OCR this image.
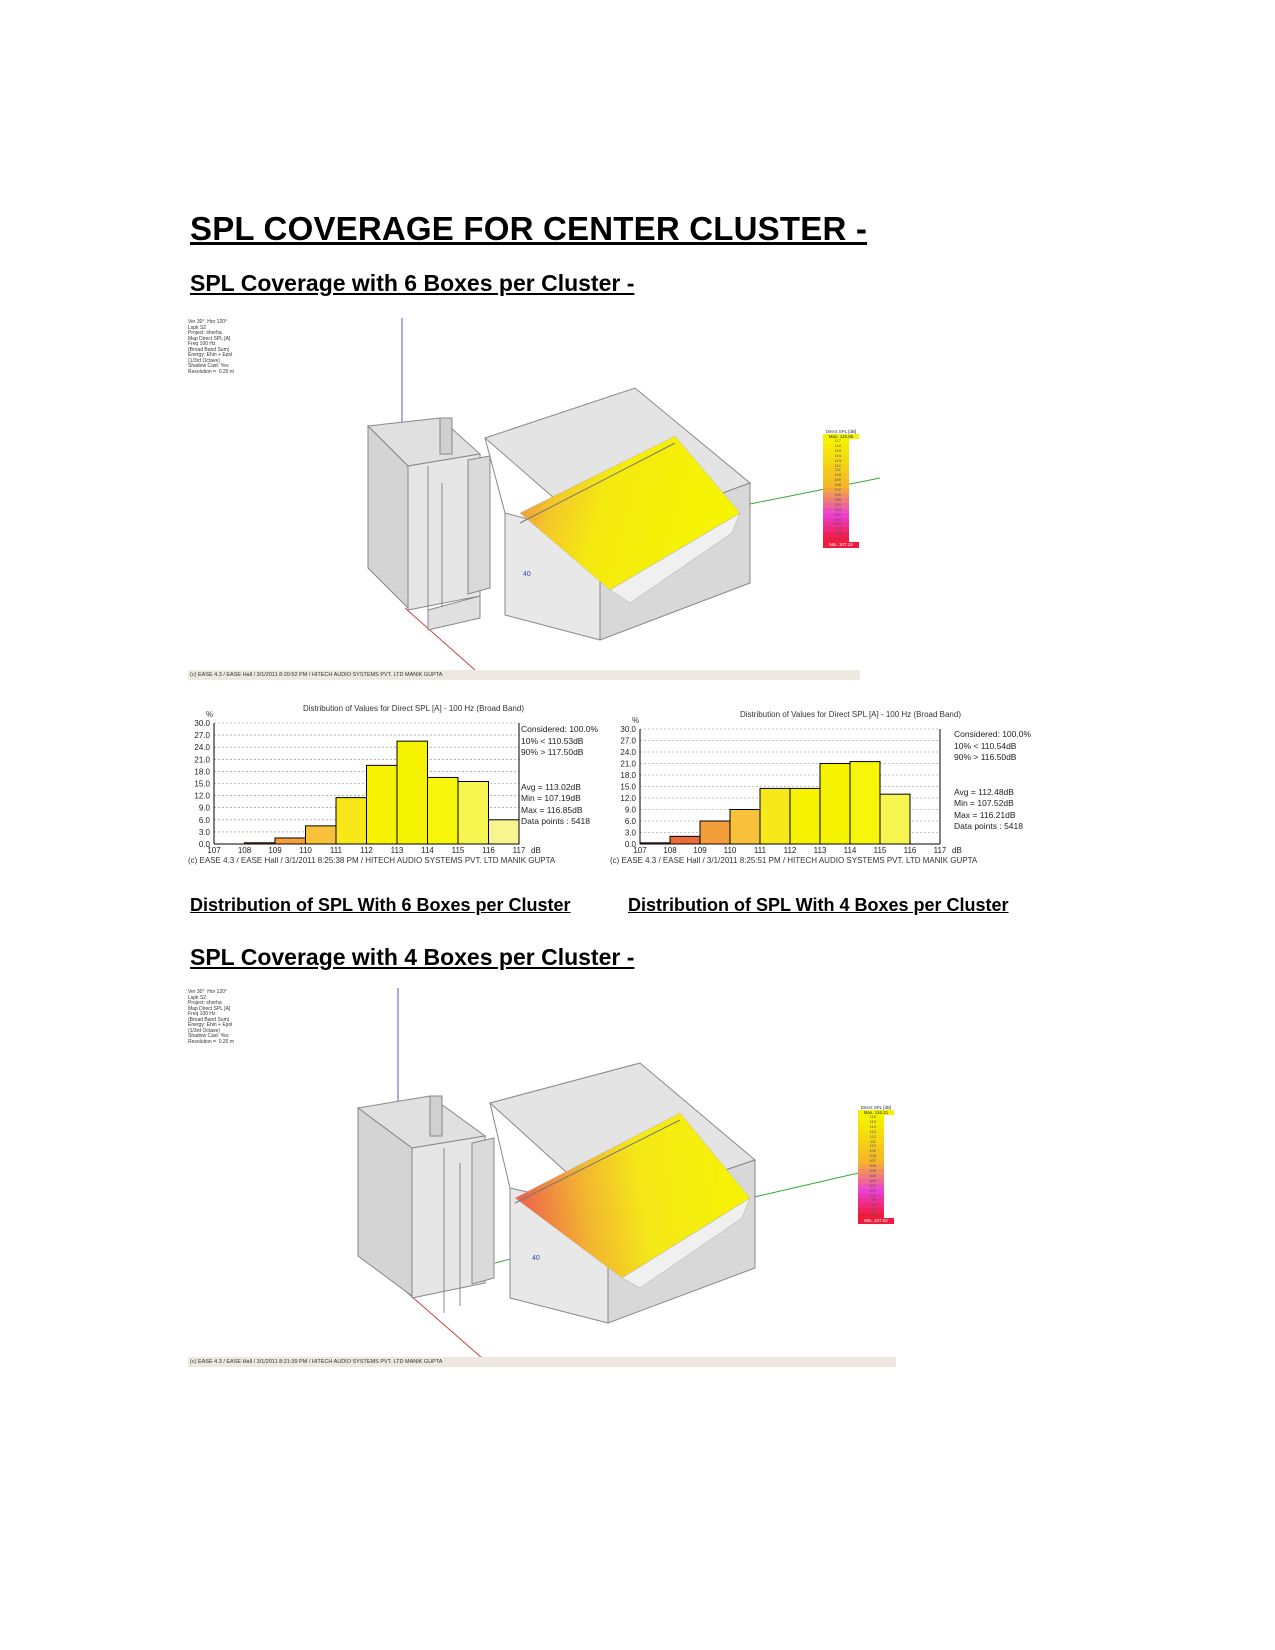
SPL COVERAGE FOR CENTER CLUSTER -
SPL Coverage with 6 Boxes per Cluster -
40
Ver 30°  Hor 120°
Lspk S2
Project: shorha
Map Direct SPL [A]
Freq 100 Hz
(Broad Band Sum)
Energy: Ehin + Epol
(1/3rd Octave)
Shadow Cast: Yes
Resolution =  0.20 m
(c) EASE 4.3 / EASE Hall / 3/1/2011 8:20:52 PM / HITECH AUDIO SYSTEMS PVT. LTD MANIK GUPTA
Direct SPL [dB]
Max. 116.85
117
116
115
114
113
112
111
110
109
108
107
106
105
104
103
102
101
100
99
98
97
Min. 107.19
%
30.0
27.0
24.0
21.0
18.0
15.0
12.0
9.0
6.0
3.0
0.0
107 108 109 110 111 112 113 114 115 116 117 dB
Distribution of Values for Direct SPL [A] - 100 Hz (Broad Band)
Considered: 100.0%
10% < 110.53dB
90% > 117.50dB

Avg = 113.02dB
Min = 107.19dB
Max = 116.85dB
Data points : 5418
(c) EASE 4.3 / EASE Hall / 3/1/2011 8:25:38 PM / HITECH AUDIO SYSTEMS PVT. LTD MANIK GUPTA
%
30.0
27.0
24.0
21.0
18.0
15.0
12.0
9.0
6.0
3.0
0.0
107 108 109 110 111 112 113 114 115 116 117 dB
Distribution of Values for Direct SPL [A] - 100 Hz (Broad Band)
Considered: 100.0%
10% < 110.54dB
90% > 116.50dB

Avg = 112.48dB
Min = 107.52dB
Max = 116.21dB
Data points : 5418
(c) EASE 4.3 / EASE Hall / 3/1/2011 8:25:51 PM / HITECH AUDIO SYSTEMS PVT. LTD MANIK GUPTA
Distribution of SPL With 6 Boxes per Cluster	Distribution of SPL With 4 Boxes per Cluster
SPL Coverage with 4 Boxes per Cluster -
40
Ver 30°  Hor 120°
Lspk S2
Project: shorha
Map Direct SPL [A]
Freq 100 Hz
(Broad Band Sum)
Energy: Ehin + Epol
(1/3rd Octave)
Shadow Cast: Yes
Resolution =  0.20 m
(c) EASE 4.3 / EASE Hall / 3/1/2011 8:21:39 PM / HITECH AUDIO SYSTEMS PVT. LTD MANIK GUPTA
Direct SPL [dB]
Max. 116.21
116
115
114
113
112
111
110
109
108
107
106
105
104
103
102
101
100
99
98
97
96
Min. 107.52
